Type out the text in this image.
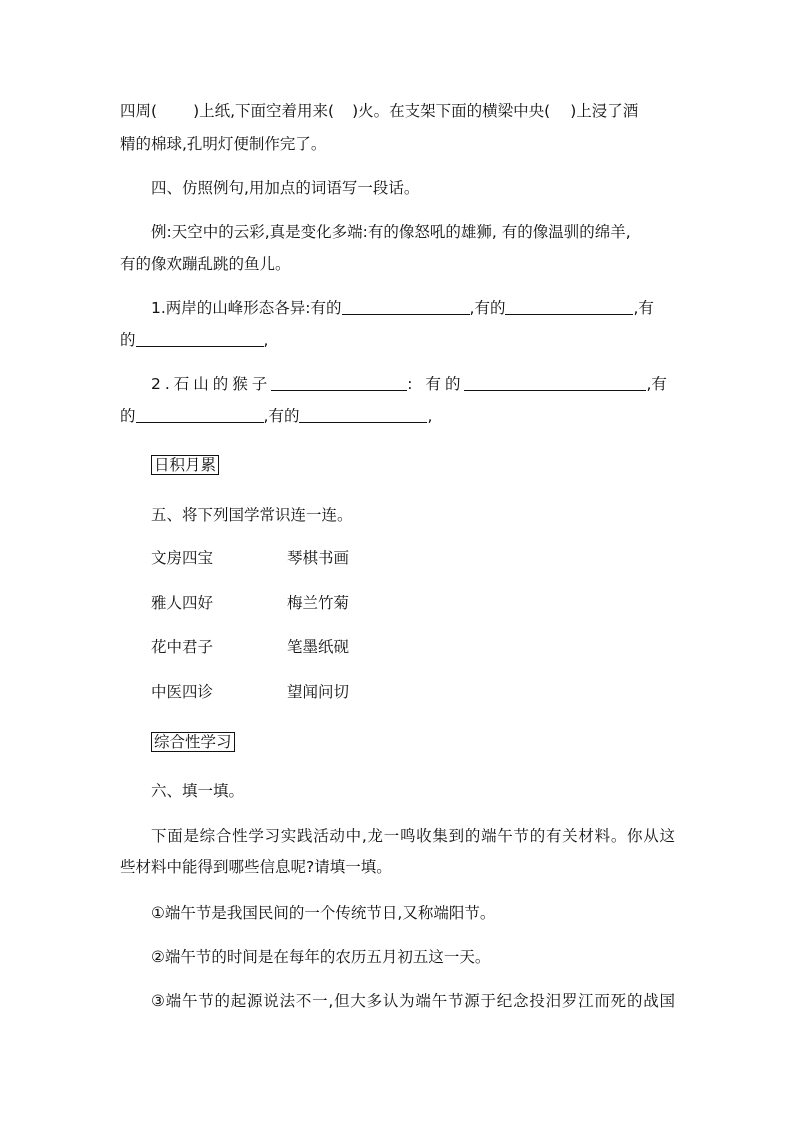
四周( )上纸,下面空着用来( )火。在支架下面的横梁中央( )上浸了酒
精的棉球,孔明灯便制作完了。
四、仿照例句,用加点的词语写一段话。
例:天空中的云彩,真是变化多端:有的像怒吼的雄狮, 有的像温驯的绵羊,
有的像欢蹦乱跳的鱼儿。
1.两岸的山峰形态各异:有的	,有的	,有
的	,
2.石山的猴子	: 有的	,有
的	,有的	,
日积月累
五、将下列国学常识连一连。
文房四宝	琴棋书画
雅人四好	梅兰竹菊
花中君子	笔墨纸砚
中医四诊	望闻问切
综合性学习
六、填一填。
下面是综合性学习实践活动中,龙一鸣收集到的端午节的有关材料。你从这
些材料中能得到哪些信息呢?请填一填。
①端午节是我国民间的一个传统节日,又称端阳节。
②端午节的时间是在每年的农历五月初五这一天。
③端午节的起源说法不一,但大多认为端午节源于纪念投汨罗江而死的战国
